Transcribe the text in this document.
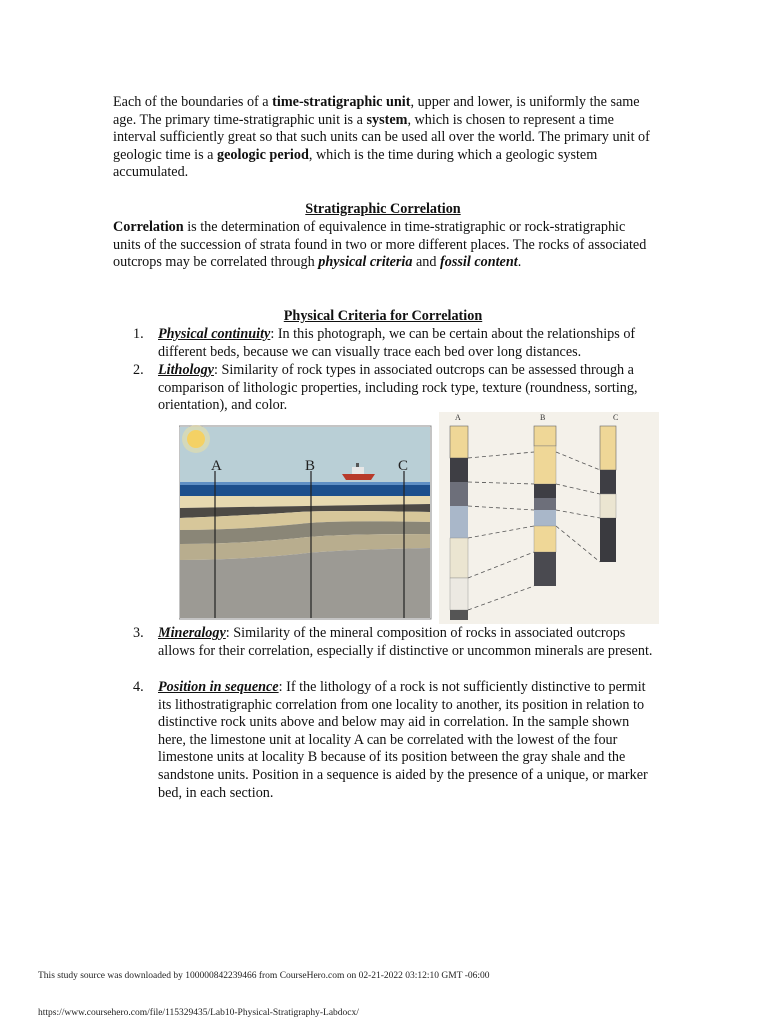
Each of the boundaries of a time-stratigraphic unit, upper and lower, is uniformly the same age. The primary time-stratigraphic unit is a system, which is chosen to represent a time interval sufficiently great so that such units can be used all over the world. The primary unit of geologic time is a geologic period, which is the time during which a geologic system accumulated.
Stratigraphic Correlation
Correlation is the determination of equivalence in time-stratigraphic or rock-stratigraphic units of the succession of strata found in two or more different places. The rocks of associated outcrops may be correlated through physical criteria and fossil content.
Physical Criteria for Correlation
1. Physical continuity: In this photograph, we can be certain about the relationships of different beds, because we can visually trace each bed over long distances.
2. Lithology: Similarity of rock types in associated outcrops can be assessed through a comparison of lithologic properties, including rock type, texture (roundness, sorting, orientation), and color.
A	B	C
A	B	C
3. Mineralogy: Similarity of the mineral composition of rocks in associated outcrops allows for their correlation, especially if distinctive or uncommon minerals are present.
4. Position in sequence: If the lithology of a rock is not sufficiently distinctive to permit its lithostratigraphic correlation from one locality to another, its position in relation to distinctive rock units above and below may aid in correlation. In the sample shown here, the limestone unit at locality A can be correlated with the lowest of the four limestone units at locality B because of its position between the gray shale and the sandstone units. Position in a sequence is aided by the presence of a unique, or marker bed, in each section.
This study source was downloaded by 100000842239466 from CourseHero.com on 02-21-2022 03:12:10 GMT -06:00
https://www.coursehero.com/file/115329435/Lab10-Physical-Stratigraphy-Labdocx/
